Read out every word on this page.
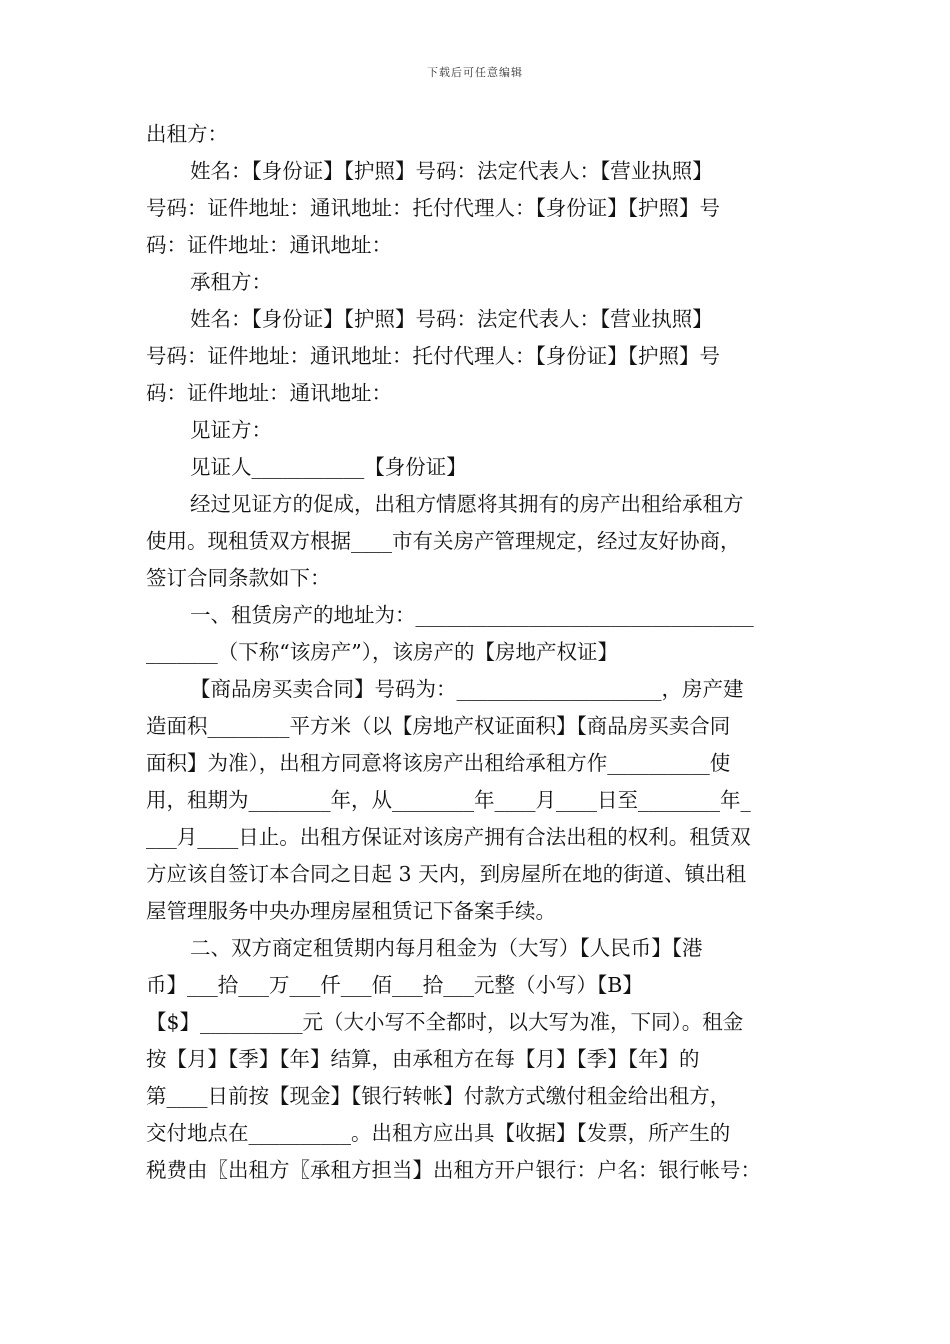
下载后可任意编辑
出租方：
姓名：【身份证】【护照】号码：法定代表人：【营业执照】
号码：证件地址：通讯地址：托付代理人：【身份证】【护照】号
码：证件地址：通讯地址：
承租方：
姓名：【身份证】【护照】号码：法定代表人：【营业执照】
号码：证件地址：通讯地址：托付代理人：【身份证】【护照】号
码：证件地址：通讯地址：
见证方：
见证人___________【身份证】
经过见证方的促成，出租方情愿将其拥有的房产出租给承租方
使用。现租赁双方根据____市有关房产管理规定，经过友好协商，
签订合同条款如下：
一、租赁房产的地址为：_________________________________
_______（下称“该房产”），该房产的【房地产权证】
【商品房买卖合同】号码为：____________________，房产建
造面积________平方米（以【房地产权证面积】【商品房买卖合同
面积】为准），出租方同意将该房产出租给承租方作__________使
用，租期为________年，从________年____月____日至________年_
___月____日止。出租方保证对该房产拥有合法出租的权利。租赁双
方应该自签订本合同之日起 3 天内，到房屋所在地的街道、镇出租
屋管理服务中央办理房屋租赁记下备案手续。
二、双方商定租赁期内每月租金为（大写）【人民币】【港
币】___拾___万___仟___佰___拾___元整（小写）【B】
【$】__________元（大小写不全都时，以大写为准，下同）。租金
按【月】【季】【年】结算，由承租方在每【月】【季】【年】的
第____日前按【现金】【银行转帐】付款方式缴付租金给出租方，
交付地点在__________。出租方应出具【收据】【发票，所产生的
税费由〖出租方〖承租方担当】出租方开户银行：户名：银行帐号：
